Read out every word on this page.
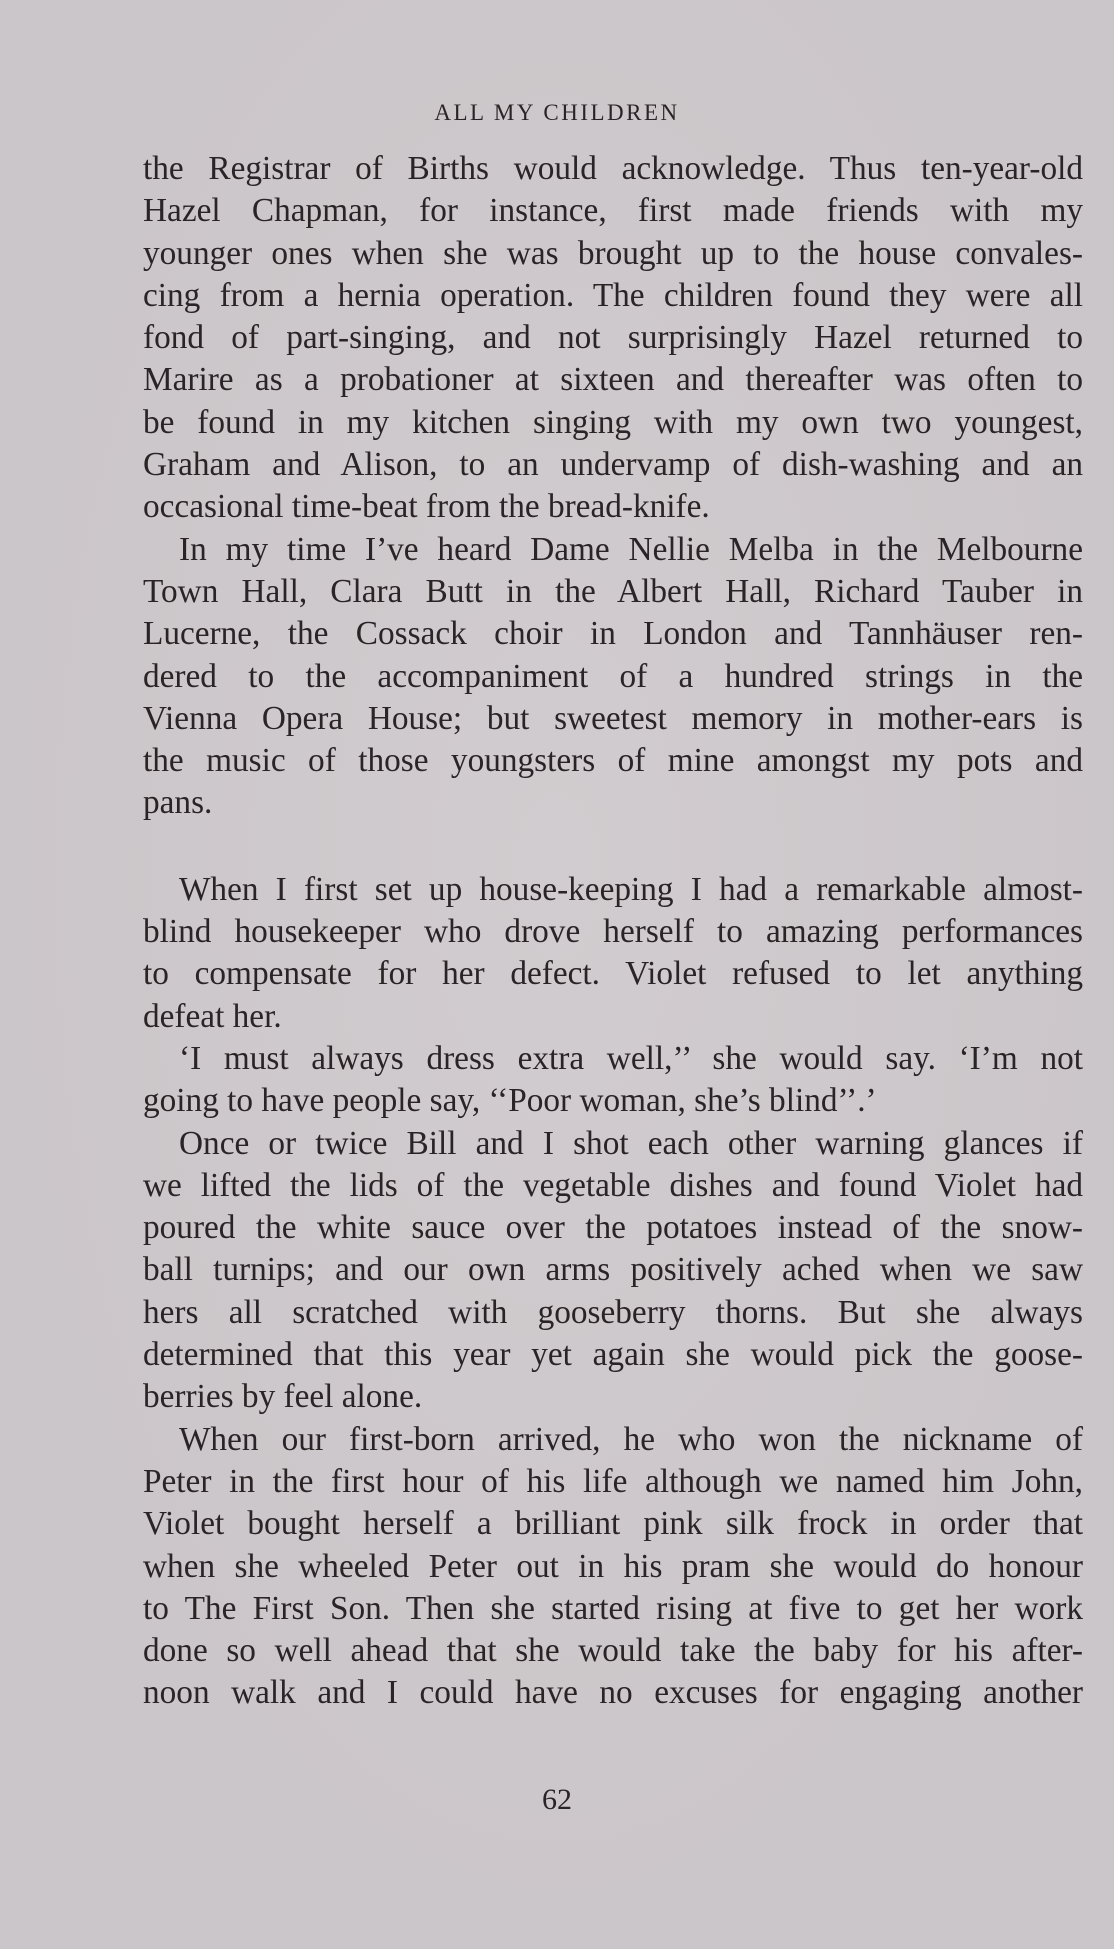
ALL MY CHILDREN
the Registrar of Births would acknowledge. Thus ten-year-old
Hazel Chapman, for instance, first made friends with my
younger ones when she was brought up to the house convales-
cing from a hernia operation. The children found they were all
fond of part-singing, and not surprisingly Hazel returned to
Marire as a probationer at sixteen and thereafter was often to
be found in my kitchen singing with my own two youngest,
Graham and Alison, to an undervamp of dish-washing and an
occasional time-beat from the bread-knife.
In my time I’ve heard Dame Nellie Melba in the Melbourne
Town Hall, Clara Butt in the Albert Hall, Richard Tauber in
Lucerne, the Cossack choir in London and Tannhäuser ren-
dered to the accompaniment of a hundred strings in the
Vienna Opera House; but sweetest memory in mother-ears is
the music of those youngsters of mine amongst my pots and
pans.
When I first set up house-keeping I had a remarkable almost-
blind housekeeper who drove herself to amazing performances
to compensate for her defect. Violet refused to let anything
defeat her.
‘I must always dress extra well,’’ she would say. ‘I’m not
going to have people say, ‘‘Poor woman, she’s blind’’.’
Once or twice Bill and I shot each other warning glances if
we lifted the lids of the vegetable dishes and found Violet had
poured the white sauce over the potatoes instead of the snow-
ball turnips; and our own arms positively ached when we saw
hers all scratched with gooseberry thorns. But she always
determined that this year yet again she would pick the goose-
berries by feel alone.
When our first-born arrived, he who won the nickname of
Peter in the first hour of his life although we named him John,
Violet bought herself a brilliant pink silk frock in order that
when she wheeled Peter out in his pram she would do honour
to The First Son. Then she started rising at five to get her work
done so well ahead that she would take the baby for his after-
noon walk and I could have no excuses for engaging another
62
